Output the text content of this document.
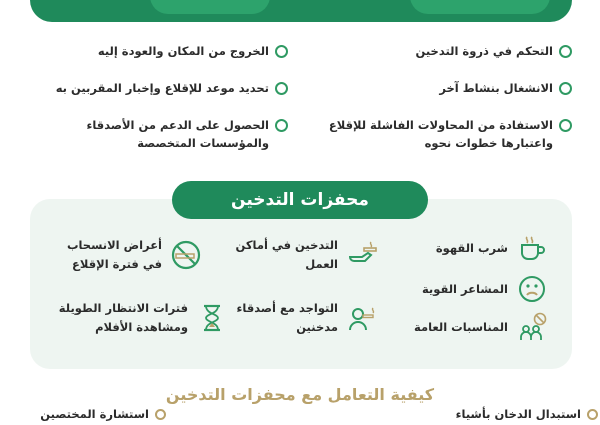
التحكم في ذروة التدخين
الخروج من المكان والعودة إليه
الانشغال بنشاط آخر
تحديد موعد للإقلاع وإخبار المقربين به
الاستفادة من المحاولات الفاشلة للإقلاع
واعتبارها خطوات نحوه
الحصول على الدعم من الأصدقاء
والمؤسسات المتخصصة
محفزات التدخين
شرب القهوة
التدخين في أماكن
العمل
أعراض الانسحاب
في فترة الإقلاع
المشاعر القوية
المناسبات العامة
التواجد مع أصدقاء
مدخنين
فترات الانتظار الطويلة
ومشاهدة الأفلام
كيفية التعامل مع محفزات التدخين
استبدال الدخان بأشياء
استشارة المختصين
